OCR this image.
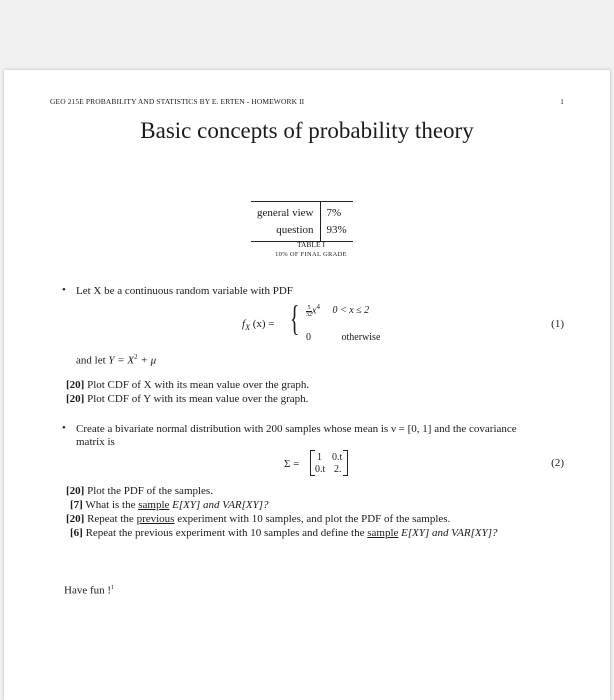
GEO 215E PROBABILITY AND STATISTICS BY E. ERTEN - HOMEWORK II	1
Basic concepts of probability theory
general view	7%
question	93%
TABLE I
10% OF FINAL GRADE
• Let X be a continuous random variable with PDF
$f_X$ (x) = { $\frac{5}{32} x^4$ 0 < x ≤ 2
0	otherwise
(1)
and let $Y = X^2 + \mu$
[20] Plot CDF of X with its mean value over the graph.
[20] Plot CDF of Y with its mean value over the graph.
• Create a bivariate normal distribution with 200 samples whose mean is ν = [0, 1] and the covariance
matrix is
Σ =
1 0.t
0.t 2.
(2)
[20] Plot the PDF of the samples.
[7] What is the sample E[XY] and VAR[XY]?
[20] Repeat the previous experiment with 10 samples, and plot the PDF of the samples.
[6] Repeat the previous experiment with 10 samples and define the sample E[XY] and VAR[XY]?
Have fun !$^1$
